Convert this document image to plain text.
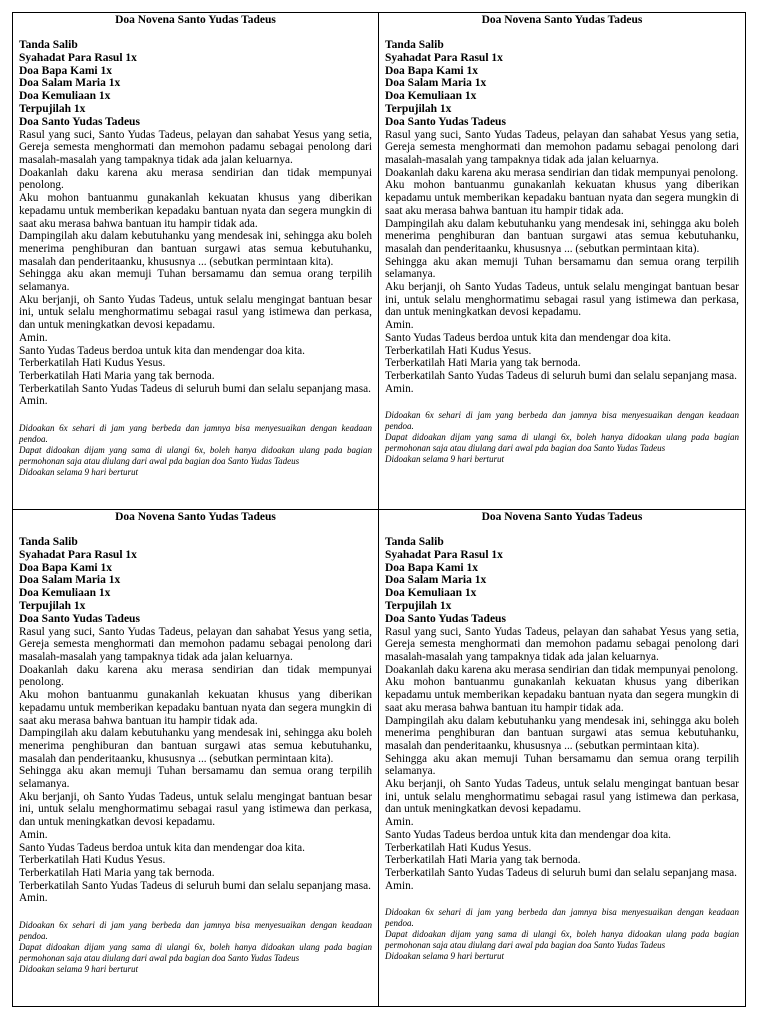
Doa Novena Santo Yudas Tadeus
Tanda Salib
Syahadat Para Rasul 1x
Doa Bapa Kami 1x
Doa Salam Maria 1x
Doa Kemuliaan 1x
Terpujilah 1x
Doa Santo Yudas Tadeus

Rasul yang suci, Santo Yudas Tadeus, pelayan dan sahabat Yesus yang setia, Gereja semesta menghormati dan memohon padamu sebagai penolong dari masalah-masalah yang tampaknya tidak ada jalan keluarnya.

Doakanlah daku karena aku merasa sendirian dan tidak mempunyai penolong.

Aku mohon bantuanmu gunakanlah kekuatan khusus yang diberikan kepadamu untuk memberikan kepadaku bantuan nyata dan segera mungkin di saat aku merasa bahwa bantuan itu hampir tidak ada.

Dampingilah aku dalam kebutuhanku yang mendesak ini, sehingga aku boleh menerima penghiburan dan bantuan surgawi atas semua kebutuhanku, masalah dan penderitaanku, khususnya ... (sebutkan permintaan kita).

Sehingga aku akan memuji Tuhan bersamamu dan semua orang terpilih selamanya.

Aku berjanji, oh Santo Yudas Tadeus, untuk selalu mengingat bantuan besar ini, untuk selalu menghormatimu sebagai rasul yang istimewa dan perkasa, dan untuk meningkatkan devosi kepadamu.

Amin.

Santo Yudas Tadeus berdoa untuk kita dan mendengar doa kita.

Terberkatilah Hati Kudus Yesus.

Terberkatilah Hati Maria yang tak bernoda.

Terberkatilah Santo Yudas Tadeus di seluruh bumi dan selalu sepanjang masa.

Amin.

Didoakan 6x sehari di jam yang berbeda dan jamnya bisa menyesuaikan dengan keadaan pendoa.

Dapat didoakan dijam yang sama di ulangi 6x, boleh hanya didoakan ulang pada bagian permohonan saja atau diulang dari awal pda bagian doa Santo Yudas Tadeus

Didoakan selama 9 hari berturut

Doa Novena Santo Yudas Tadeus
Tanda Salib
Syahadat Para Rasul 1x
Doa Bapa Kami 1x
Doa Salam Maria 1x
Doa Kemuliaan 1x
Terpujilah 1x
Doa Santo Yudas Tadeus

Rasul yang suci, Santo Yudas Tadeus, pelayan dan sahabat Yesus yang setia, Gereja semesta menghormati dan memohon padamu sebagai penolong dari masalah-masalah yang tampaknya tidak ada jalan keluarnya.

Doakanlah daku karena aku merasa sendirian dan tidak mempunyai penolong.

Aku mohon bantuanmu gunakanlah kekuatan khusus yang diberikan kepadamu untuk memberikan kepadaku bantuan nyata dan segera mungkin di saat aku merasa bahwa bantuan itu hampir tidak ada.

Dampingilah aku dalam kebutuhanku yang mendesak ini, sehingga aku boleh menerima penghiburan dan bantuan surgawi atas semua kebutuhanku, masalah dan penderitaanku, khususnya ... (sebutkan permintaan kita).

Sehingga aku akan memuji Tuhan bersamamu dan semua orang terpilih selamanya.

Aku berjanji, oh Santo Yudas Tadeus, untuk selalu mengingat bantuan besar ini, untuk selalu menghormatimu sebagai rasul yang istimewa dan perkasa, dan untuk meningkatkan devosi kepadamu.

Amin.

Santo Yudas Tadeus berdoa untuk kita dan mendengar doa kita.

Terberkatilah Hati Kudus Yesus.

Terberkatilah Hati Maria yang tak bernoda.

Terberkatilah Santo Yudas Tadeus di seluruh bumi dan selalu sepanjang masa.

Amin.

Didoakan 6x sehari di jam yang berbeda dan jamnya bisa menyesuaikan dengan keadaan pendoa.

Dapat didoakan dijam yang sama di ulangi 6x, boleh hanya didoakan ulang pada bagian permohonan saja atau diulang dari awal pda bagian doa Santo Yudas Tadeus

Didoakan selama 9 hari berturut

Doa Novena Santo Yudas Tadeus
Tanda Salib
Syahadat Para Rasul 1x
Doa Bapa Kami 1x
Doa Salam Maria 1x
Doa Kemuliaan 1x
Terpujilah 1x
Doa Santo Yudas Tadeus

Rasul yang suci, Santo Yudas Tadeus, pelayan dan sahabat Yesus yang setia, Gereja semesta menghormati dan memohon padamu sebagai penolong dari masalah-masalah yang tampaknya tidak ada jalan keluarnya.

Doakanlah daku karena aku merasa sendirian dan tidak mempunyai penolong.

Aku mohon bantuanmu gunakanlah kekuatan khusus yang diberikan kepadamu untuk memberikan kepadaku bantuan nyata dan segera mungkin di saat aku merasa bahwa bantuan itu hampir tidak ada.

Dampingilah aku dalam kebutuhanku yang mendesak ini, sehingga aku boleh menerima penghiburan dan bantuan surgawi atas semua kebutuhanku, masalah dan penderitaanku, khususnya ... (sebutkan permintaan kita).

Sehingga aku akan memuji Tuhan bersamamu dan semua orang terpilih selamanya.

Aku berjanji, oh Santo Yudas Tadeus, untuk selalu mengingat bantuan besar ini, untuk selalu menghormatimu sebagai rasul yang istimewa dan perkasa, dan untuk meningkatkan devosi kepadamu.

Amin.

Santo Yudas Tadeus berdoa untuk kita dan mendengar doa kita.

Terberkatilah Hati Kudus Yesus.

Terberkatilah Hati Maria yang tak bernoda.

Terberkatilah Santo Yudas Tadeus di seluruh bumi dan selalu sepanjang masa.

Amin.

Didoakan 6x sehari di jam yang berbeda dan jamnya bisa menyesuaikan dengan keadaan pendoa.

Dapat didoakan dijam yang sama di ulangi 6x, boleh hanya didoakan ulang pada bagian permohonan saja atau diulang dari awal pda bagian doa Santo Yudas Tadeus

Didoakan selama 9 hari berturut

Doa Novena Santo Yudas Tadeus
Tanda Salib
Syahadat Para Rasul 1x
Doa Bapa Kami 1x
Doa Salam Maria 1x
Doa Kemuliaan 1x
Terpujilah 1x
Doa Santo Yudas Tadeus

Rasul yang suci, Santo Yudas Tadeus, pelayan dan sahabat Yesus yang setia, Gereja semesta menghormati dan memohon padamu sebagai penolong dari masalah-masalah yang tampaknya tidak ada jalan keluarnya.

Doakanlah daku karena aku merasa sendirian dan tidak mempunyai penolong.

Aku mohon bantuanmu gunakanlah kekuatan khusus yang diberikan kepadamu untuk memberikan kepadaku bantuan nyata dan segera mungkin di saat aku merasa bahwa bantuan itu hampir tidak ada.

Dampingilah aku dalam kebutuhanku yang mendesak ini, sehingga aku boleh menerima penghiburan dan bantuan surgawi atas semua kebutuhanku, masalah dan penderitaanku, khususnya ... (sebutkan permintaan kita).

Sehingga aku akan memuji Tuhan bersamamu dan semua orang terpilih selamanya.

Aku berjanji, oh Santo Yudas Tadeus, untuk selalu mengingat bantuan besar ini, untuk selalu menghormatimu sebagai rasul yang istimewa dan perkasa, dan untuk meningkatkan devosi kepadamu.

Amin.

Santo Yudas Tadeus berdoa untuk kita dan mendengar doa kita.

Terberkatilah Hati Kudus Yesus.

Terberkatilah Hati Maria yang tak bernoda.

Terberkatilah Santo Yudas Tadeus di seluruh bumi dan selalu sepanjang masa.

Amin.

Didoakan 6x sehari di jam yang berbeda dan jamnya bisa menyesuaikan dengan keadaan pendoa.

Dapat didoakan dijam yang sama di ulangi 6x, boleh hanya didoakan ulang pada bagian permohonan saja atau diulang dari awal pda bagian doa Santo Yudas Tadeus

Didoakan selama 9 hari berturut
